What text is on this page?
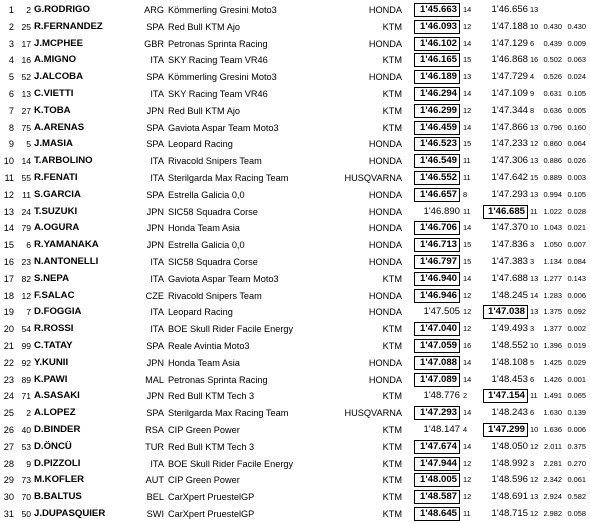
1	2 G.RODRIGO	ARG Kömmerling Gresini Moto3	HONDA	1'45.663 14	1'46.656 13
2 25 R.FERNANDEZ	SPA Red Bull KTM Ajo	KTM	1'46.093 12	1'47.188 10 0.430 0.430
3 17 J.MCPHEE	GBR Petronas Sprinta Racing	HONDA	1'46.102 14	1'47.129 6	0.439 0.009
4 16 A.MIGNO	ITA SKY Racing Team VR46	KTM	1'46.165 15	1'46.868 16 0.502 0.063
5 52 J.ALCOBA	SPA Kömmerling Gresini Moto3	HONDA	1'46.189 13	1'47.729 4	0.526 0.024
6 13 C.VIETTI	ITA SKY Racing Team VR46	KTM	1'46.294 14	1'47.109 9	0.631 0.105
7 27 K.TOBA	JPN Red Bull KTM Ajo	KTM	1'46.299 12	1'47.344 8	0.636 0.005
8 75 A.ARENAS	SPA Gaviota Aspar Team Moto3	KTM	1'46.459 14	1'47.866 13 0.796 0.160
9	5 J.MASIA	SPA Leopard Racing	HONDA	1'46.523 15	1'47.233 12 0.860 0.064
10 14 T.ARBOLINO	ITA Rivacold Snipers Team	HONDA	1'46.549 11	1'47.306 13 0.886 0.026
11 55 R.FENATI	ITA Sterilgarda Max Racing Team	HUSQVARNA	1'46.552 11	1'47.642 15 0.889 0.003
12 11 S.GARCIA	SPA Estrella Galicia 0,0	HONDA	1'46.657 8	1'47.293 13 0.994 0.105
13 24 T.SUZUKI	JPN SIC58 Squadra Corse	HONDA	1'46.890 11	1'46.685 11 1.022 0.028
14 79 A.OGURA	JPN Honda Team Asia	HONDA	1'46.706 14	1'47.370 10 1.043 0.021
15	6 R.YAMANAKA	JPN Estrella Galicia 0,0	HONDA	1'46.713 15	1'47.836 3	1.050 0.007
16 23 N.ANTONELLI	ITA SIC58 Squadra Corse	HONDA	1'46.797 15	1'47.383 3	1.134 0.084
17 82 S.NEPA	ITA Gaviota Aspar Team Moto3	KTM	1'46.940 14	1'47.688 13 1.277 0.143
18 12 F.SALAC	CZE Rivacold Snipers Team	HONDA	1'46.946 12	1'48.245 14 1.283 0.006
19	7 D.FOGGIA	ITA Leopard Racing	HONDA	1'47.505 12	1'47.038 13 1.375 0.092
20 54 R.ROSSI	ITA BOE Skull Rider Facile Energy	KTM	1'47.040 12	1'49.493 3	1.377 0.002
21 99 C.TATAY	SPA Reale Avintia Moto3	KTM	1'47.059 16	1'48.552 10 1.396 0.019
22 92 Y.KUNII	JPN Honda Team Asia	HONDA	1'47.088 14	1'48.108 5	1.425 0.029
23 89 K.PAWI	MAL Petronas Sprinta Racing	HONDA	1'47.089 14	1'48.453 6	1.426 0.001
24 71 A.SASAKI	JPN Red Bull KTM Tech 3	KTM	1'48.776 2	1'47.154 11 1.491 0.065
25	2 A.LOPEZ	SPA Sterilgarda Max Racing Team	HUSQVARNA	1'47.293 14	1'48.243 6	1.630 0.139
26 40 D.BINDER	RSA CIP Green Power	KTM	1'48.147 4	1'47.299 10 1.636 0.006
27 53 D.ÖNCÜ	TUR Red Bull KTM Tech 3	KTM	1'47.674 14	1'48.050 12 2.011 0.375
28	9 D.PIZZOLI	ITA BOE Skull Rider Facile Energy	KTM	1'47.944 12	1'48.992 3	2.281 0.270
29 73 M.KOFLER	AUT CIP Green Power	KTM	1'48.005 12	1'48.596 12 2.342 0.061
30 70 B.BALTUS	BEL CarXpert PruestelGP	KTM	1'48.587 12	1'48.691 13 2.924 0.582
31 50 J.DUPASQUIER	SWI CarXpert PruestelGP	KTM	1'48.645 11	1'48.715 12 2.982 0.058
